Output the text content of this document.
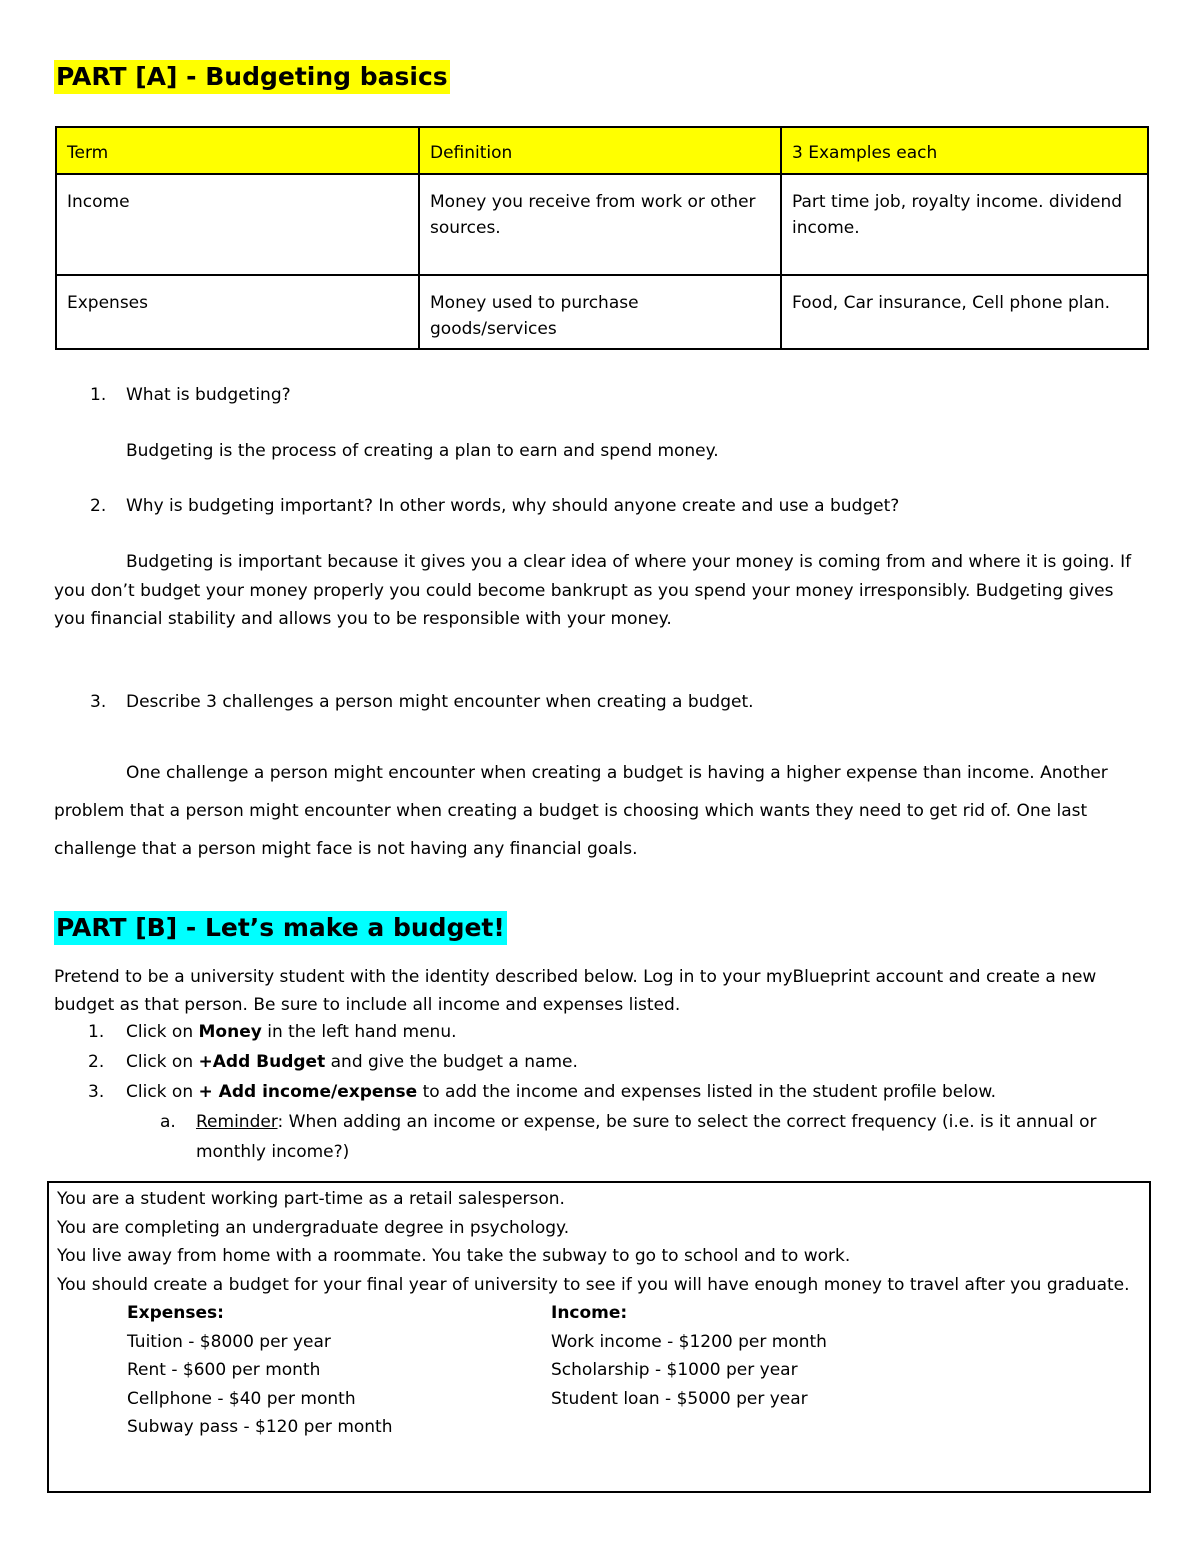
PART [A] - Budgeting basics
Term	Definition	3 Examples each
Income	Money you receive from work or other sources.	Part time job, royalty income. dividend income.
Expenses	Money used to purchase goods/services	Food, Car insurance, Cell phone plan.
1. What is budgeting?

Budgeting is the process of creating a plan to earn and spend money.

2. Why is budgeting important? In other words, why should anyone create and use a budget?

Budgeting is important because it gives you a clear idea of where your money is coming from and where it is going. If you don’t budget your money properly you could become bankrupt as you spend your money irresponsibly. Budgeting gives you financial stability and allows you to be responsible with your money.

3. Describe 3 challenges a person might encounter when creating a budget.

One challenge a person might encounter when creating a budget is having a higher expense than income. Another problem that a person might encounter when creating a budget is choosing which wants they need to get rid of. One last challenge that a person might face is not having any financial goals.

PART [B] - Let’s make a budget!

Pretend to be a university student with the identity described below. Log in to your myBlueprint account and create a new budget as that person. Be sure to include all income and expenses listed.

1. Click on Money in the left hand menu.
2. Click on +Add Budget and give the budget a name.
3. Click on + Add income/expense to add the income and expenses listed in the student profile below.
a. Reminder: When adding an income or expense, be sure to select the correct frequency (i.e. is it annual or monthly income?)
You are a student working part-time as a retail salesperson.
You are completing an undergraduate degree in psychology.
You live away from home with a roommate. You take the subway to go to school and to work.
You should create a budget for your final year of university to see if you will have enough money to travel after you graduate.
Expenses:
Tuition - $8000 per year
Rent - $600 per month
Cellphone - $40 per month
Subway pass - $120 per month
Income:
Work income - $1200 per month
Scholarship - $1000 per year
Student loan - $5000 per year
